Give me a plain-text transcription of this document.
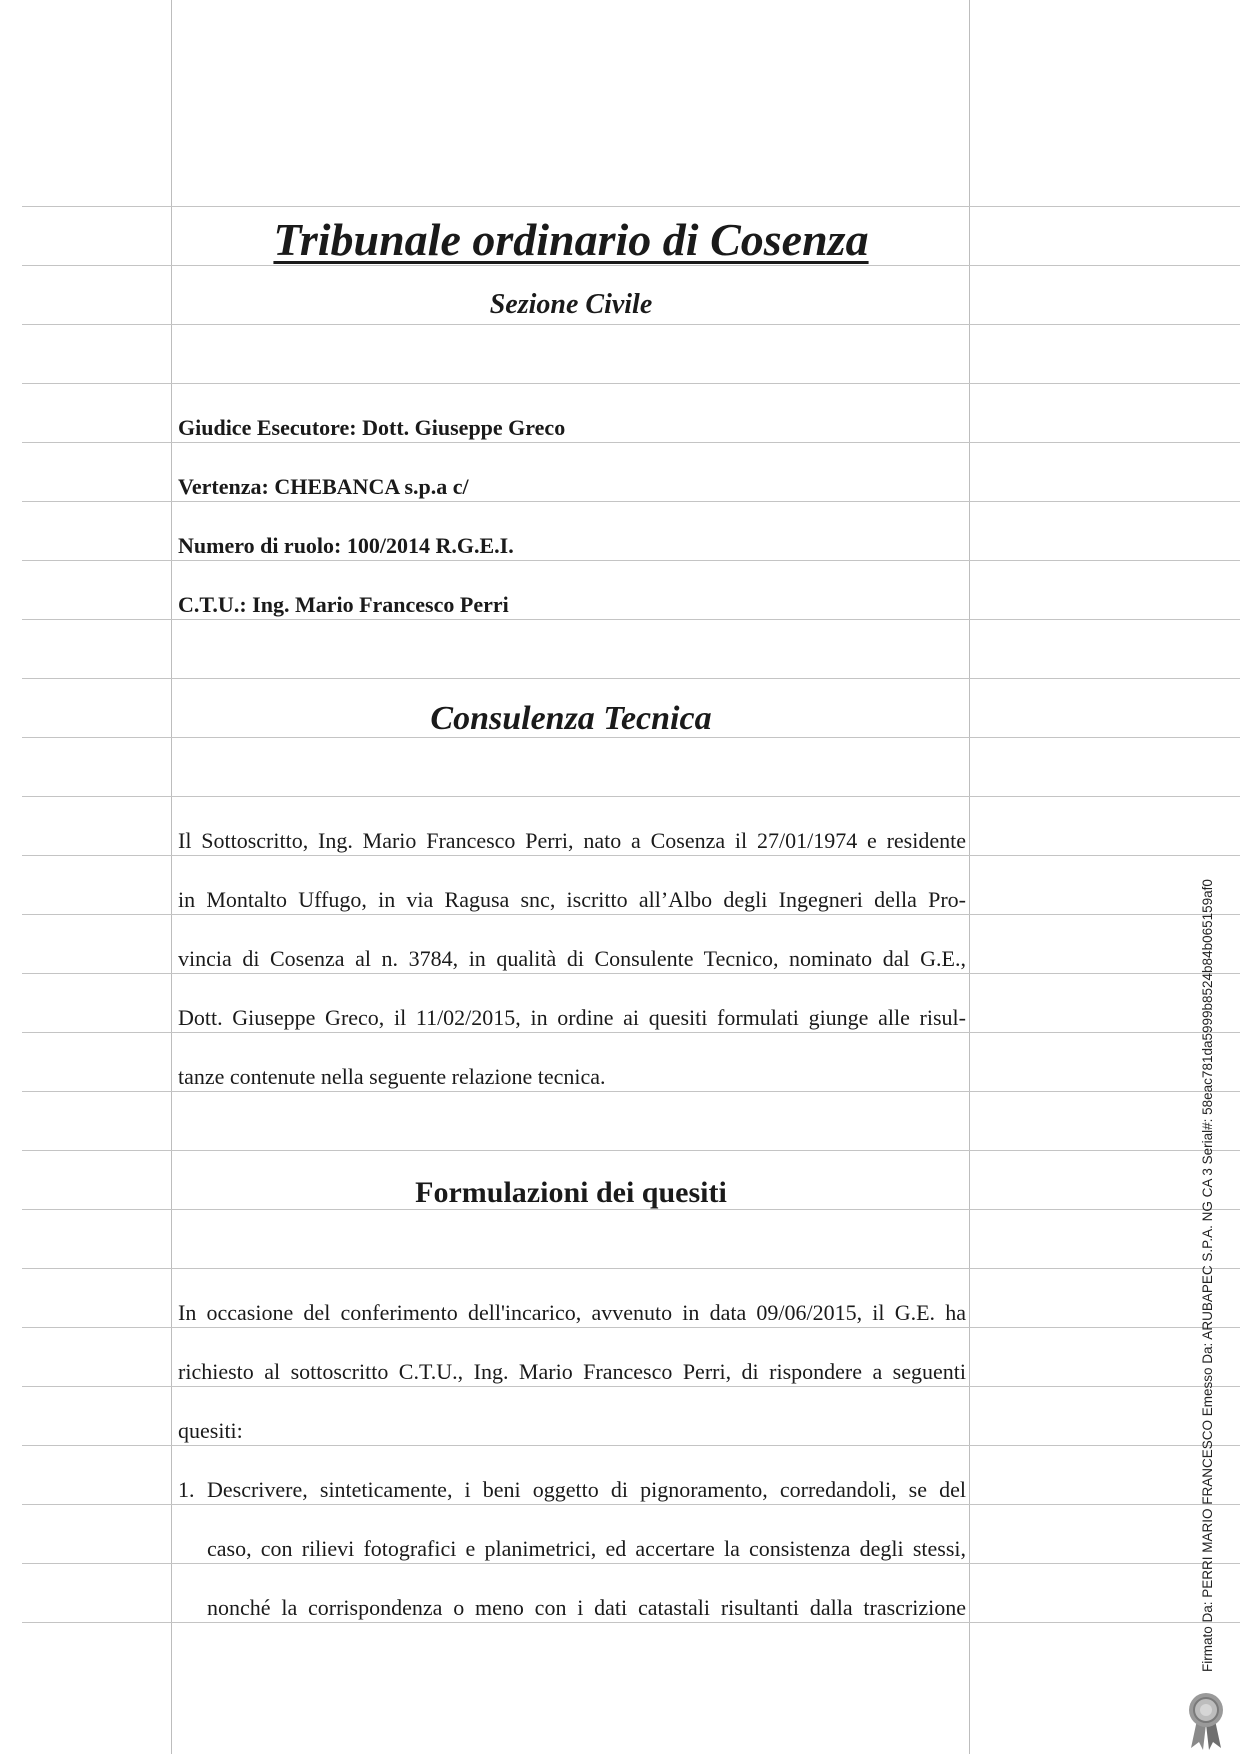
Tribunale ordinario di Cosenza
Sezione Civile
Giudice Esecutore: Dott. Giuseppe Greco
Vertenza: CHEBANCA s.p.a c/
Numero di ruolo: 100/2014 R.G.E.I.
C.T.U.: Ing. Mario Francesco Perri
Consulenza Tecnica
Il Sottoscritto, Ing. Mario Francesco Perri, nato a Cosenza il 27/01/1974 e residente
in Montalto Uffugo, in via Ragusa snc, iscritto all’Albo degli Ingegneri della Pro-
vincia di Cosenza al n. 3784, in qualità di Consulente Tecnico, nominato dal G.E.,
Dott. Giuseppe Greco, il 11/02/2015, in ordine ai quesiti formulati giunge alle risul-
tanze contenute nella seguente relazione tecnica.
Formulazioni dei quesiti
In occasione del conferimento dell'incarico, avvenuto in data 09/06/2015, il G.E. ha
richiesto al sottoscritto C.T.U., Ing. Mario Francesco Perri, di rispondere a seguenti
quesiti:
1. Descrivere, sinteticamente, i beni oggetto di pignoramento, corredandoli, se del
caso, con rilievi fotografici e planimetrici, ed accertare la consistenza degli stessi,
nonché la corrispondenza o meno con i dati catastali risultanti dalla trascrizione	Firmato Da: PERRI MARIO FRANCESCO Emesso Da: ARUBAPEC S.P.A. NG CA 3 Serial#: 58eac781da5999b8524b84b065159af0
